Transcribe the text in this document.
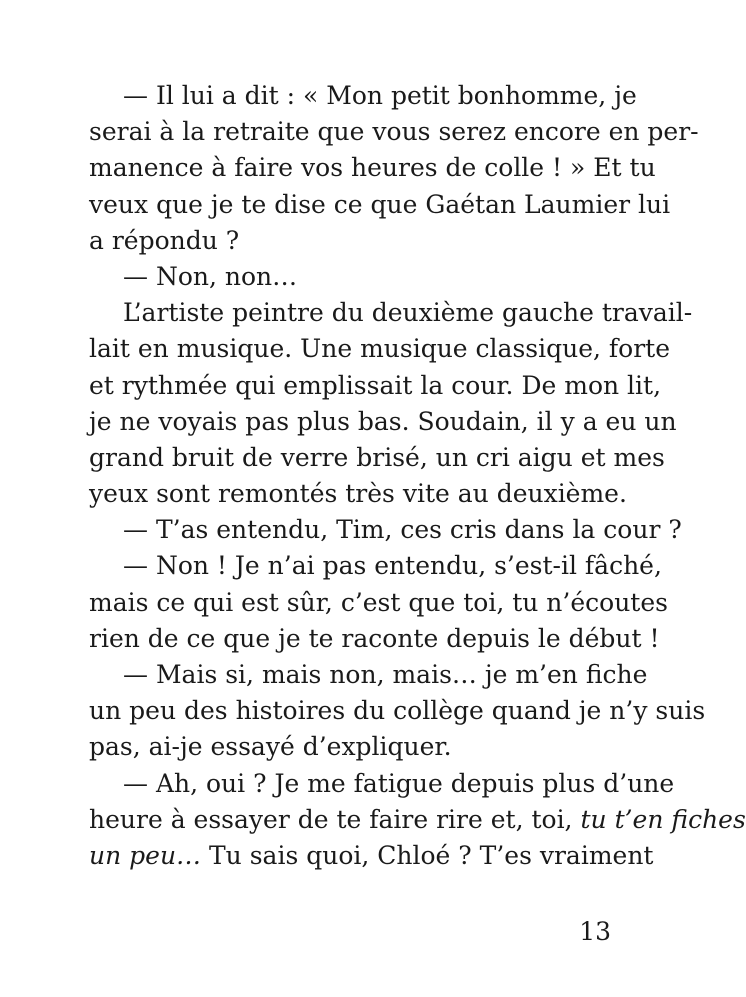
— Il lui a dit : « Mon petit bonhomme, je
serai à la retraite que vous serez encore en per-
manence à faire vos heures de colle ! » Et tu
veux que je te dise ce que Gaétan Laumier lui
a répondu ?
— Non, non…
L’artiste peintre du deuxième gauche travail-
lait en musique. Une musique classique, forte
et rythmée qui emplissait la cour. De mon lit,
je ne voyais pas plus bas. Soudain, il y a eu un
grand bruit de verre brisé, un cri aigu et mes
yeux sont remontés très vite au deuxième.
— T’as entendu, Tim, ces cris dans la cour ?
— Non ! Je n’ai pas entendu, s’est-il fâché,
mais ce qui est sûr, c’est que toi, tu n’écoutes
rien de ce que je te raconte depuis le début !
— Mais si, mais non, mais… je m’en fiche
un peu des histoires du collège quand je n’y suis
pas, ai-je essayé d’expliquer.
— Ah, oui ? Je me fatigue depuis plus d’une
heure à essayer de te faire rire et, toi, tu t’en fiches
un peu… Tu sais quoi, Chloé ? T’es vraiment
13
